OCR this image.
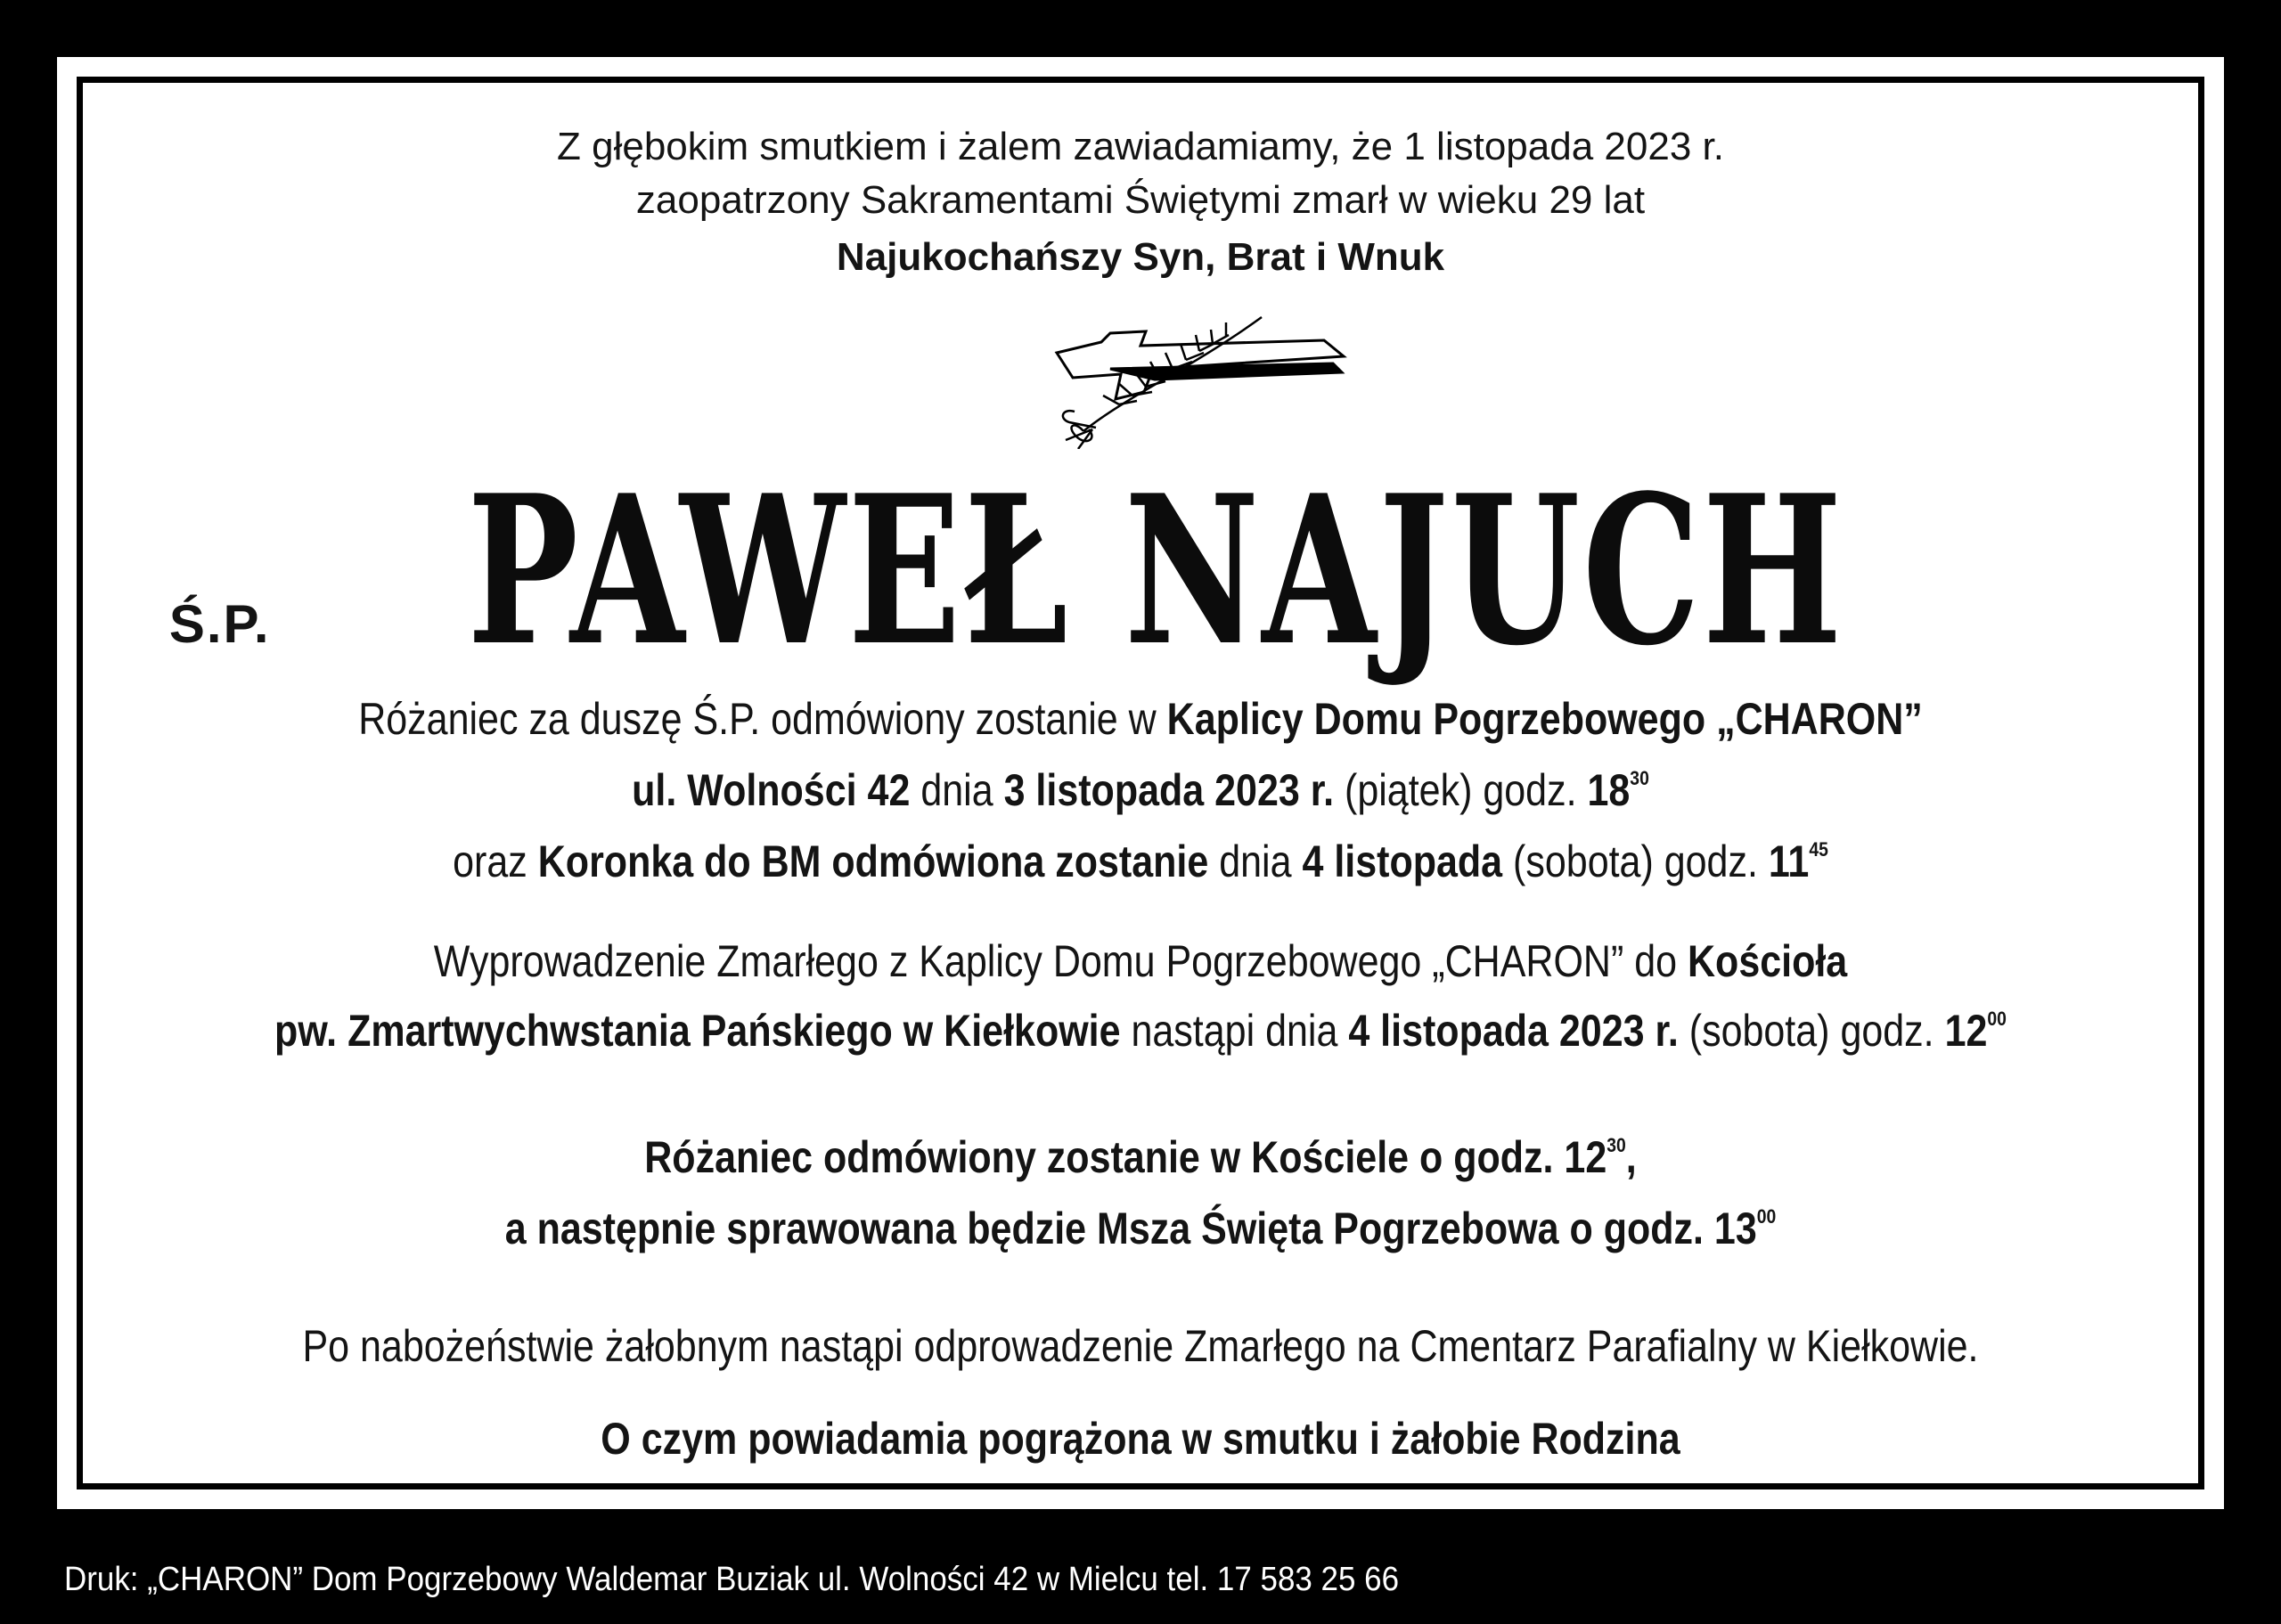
Z głębokim smutkiem i żalem zawiadamiamy, że 1 listopada 2023 r.
zaopatrzony Sakramentami Świętymi zmarł w wieku 29 lat
Najukochańszy Syn, Brat i Wnuk
Ś.P. PAWEŁ NAJUCH
Różaniec za duszę Ś.P. odmówiony zostanie w Kaplicy Domu Pogrzebowego „CHARON”
ul. Wolności 42 dnia 3 listopada 2023 r. (piątek) godz. $18^{30}$
oraz Koronka do BM odmówiona zostanie dnia 4 listopada (sobota) godz. $11^{45}$
Wyprowadzenie Zmarłego z Kaplicy Domu Pogrzebowego „CHARON” do Kościoła
pw. Zmartwychwstania Pańskiego w Kiełkowie nastąpi dnia 4 listopada 2023 r. (sobota) godz. $12^{00}$
Różaniec odmówiony zostanie w Kościele o godz. $12^{30}$,
a następnie sprawowana będzie Msza Święta Pogrzebowa o godz. $13^{00}$
Po nabożeństwie żałobnym nastąpi odprowadzenie Zmarłego na Cmentarz Parafialny w Kiełkowie.
O czym powiadamia pogrążona w smutku i żałobie Rodzina
Druk: „CHARON” Dom Pogrzebowy Waldemar Buziak ul. Wolności 42 w Mielcu tel. 17 583 25 66
